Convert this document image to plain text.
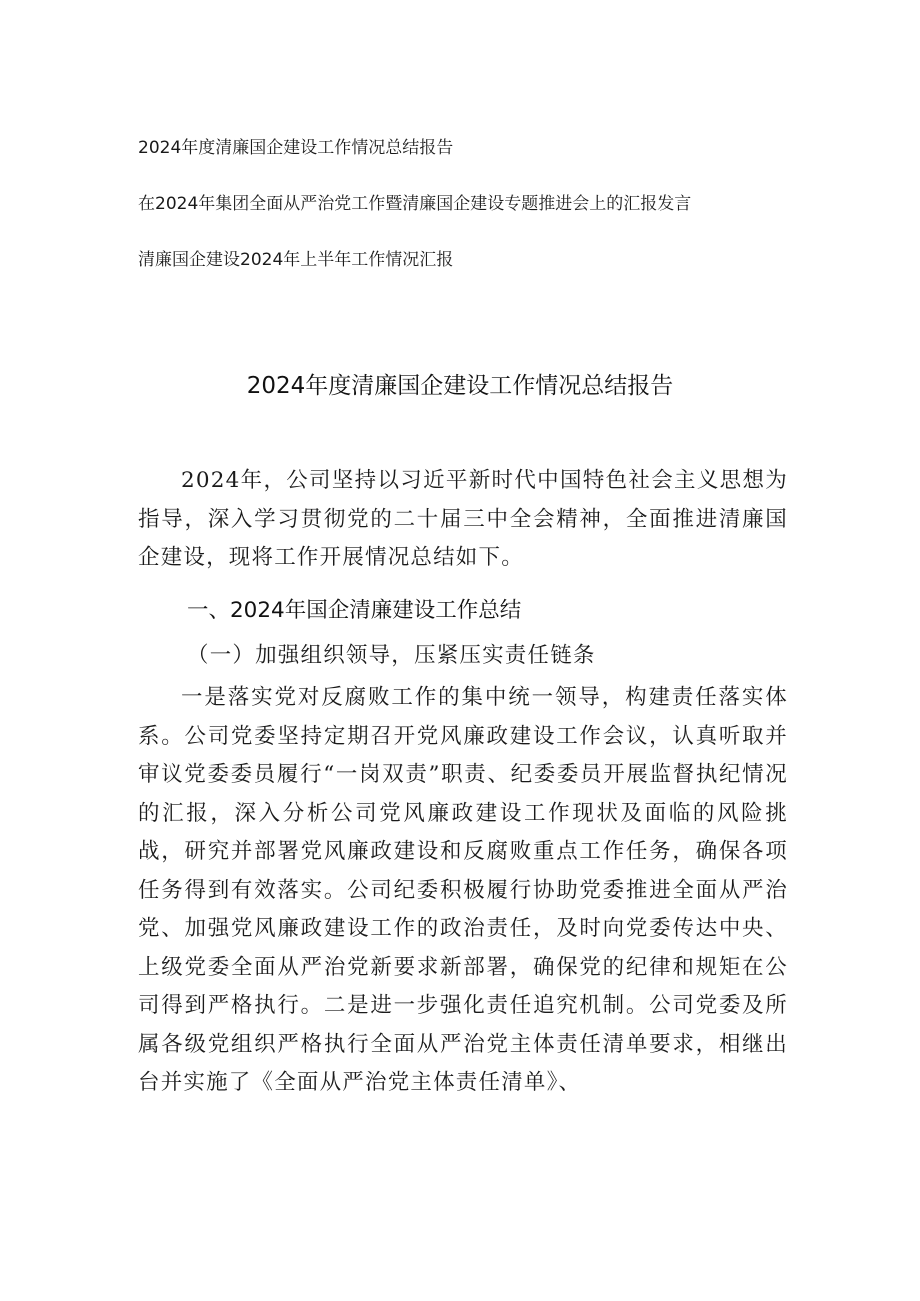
2024年度清廉国企建设工作情况总结报告
在2024年集团全面从严治党工作暨清廉国企建设专题推进会上的汇报发言
清廉国企建设2024年上半年工作情况汇报
2024年度清廉国企建设工作情况总结报告
2024年，公司坚持以习近平新时代中国特色社会主义思想为指导，深入学习贯彻党的二十届三中全会精神，全面推进清廉国企建设，现将工作开展情况总结如下。
一、2024年国企清廉建设工作总结
（一）加强组织领导，压紧压实责任链条
一是落实党对反腐败工作的集中统一领导，构建责任落实体系。公司党委坚持定期召开党风廉政建设工作会议，认真听取并审议党委委员履行“一岗双责”职责、纪委委员开展监督执纪情况的汇报，深入分析公司党风廉政建设工作现状及面临的风险挑战，研究并部署党风廉政建设和反腐败重点工作任务，确保各项任务得到有效落实。公司纪委积极履行协助党委推进全面从严治党、加强党风廉政建设工作的政治责任，及时向党委传达中央、上级党委全面从严治党新要求新部署，确保党的纪律和规矩在公司得到严格执行。二是进一步强化责任追究机制。公司党委及所属各级党组织严格执行全面从严治党主体责任清单要求，相继出台并实施了《全面从严治党主体责任清单》、
